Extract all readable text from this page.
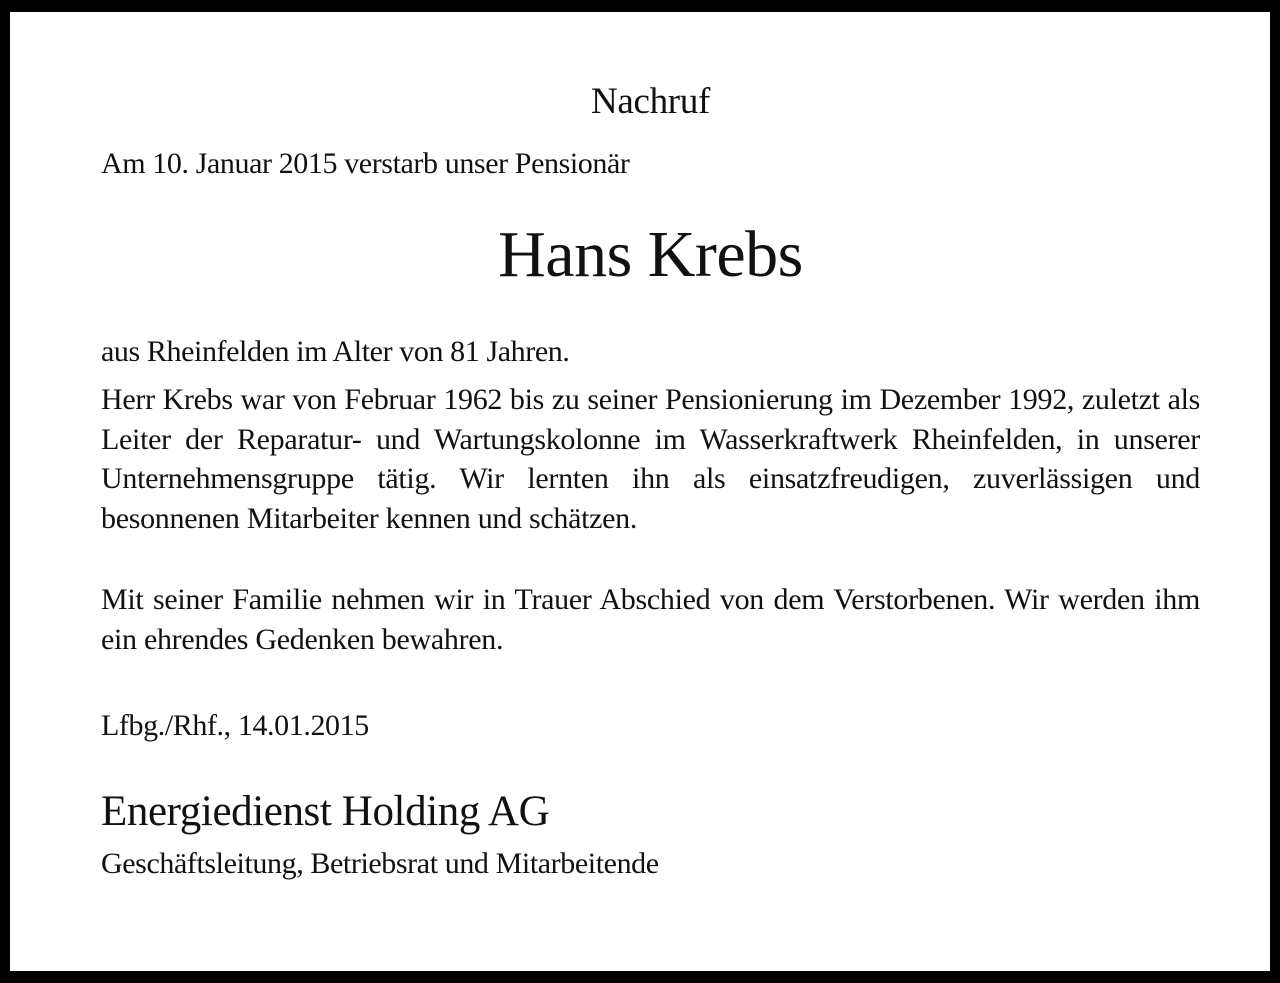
Nachruf
Am 10. Januar 2015 verstarb unser Pensionär
Hans Krebs
aus Rheinfelden im Alter von 81 Jahren.
Herr Krebs war von Februar 1962 bis zu seiner Pensionierung im Dezember 1992, zuletzt als Leiter der Reparatur- und Wartungskolonne im Wasserkraftwerk Rheinfelden, in unserer Unternehmensgruppe tätig. Wir lernten ihn als einsatzfreudigen, zuverlässigen und besonnenen Mitarbeiter kennen und schätzen.
Mit seiner Familie nehmen wir in Trauer Abschied von dem Verstorbenen. Wir werden ihm ein ehrendes Gedenken bewahren.
Lfbg./Rhf., 14.01.2015
Energiedienst Holding AG
Geschäftsleitung, Betriebsrat und Mitarbeitende
